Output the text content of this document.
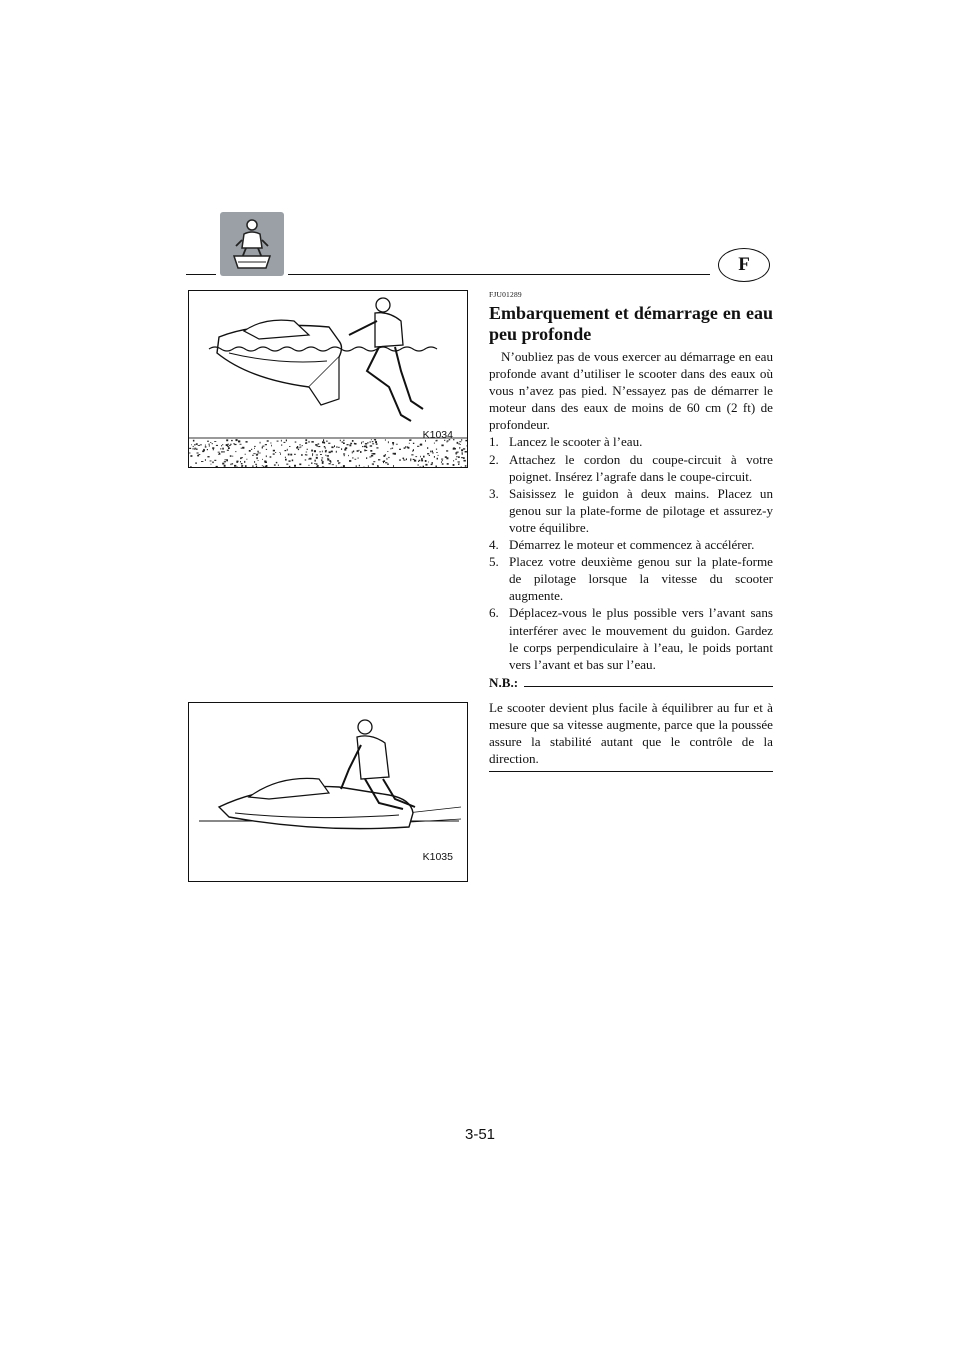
F
K1034
K1035

FJU01289

Embarquement et démarrage en eau peu profonde

N’oubliez pas de vous exercer au démarrage en eau profonde avant d’utiliser le scooter dans des eaux où vous n’avez pas pied. N’essayez pas de démarrer le moteur dans des eaux de moins de 60 cm (2 ft) de profondeur.

1. Lancez le scooter à l’eau.
2. Attachez le cordon du coupe-circuit à votre poignet. Insérez l’agrafe dans le coupe-circuit.
3. Saisissez le guidon à deux mains. Placez un genou sur la plate-forme de pilotage et assurez-y votre équilibre.
4. Démarrez le moteur et commencez à accélérer.
5. Placez votre deuxième genou sur la plate-forme de pilotage lorsque la vitesse du scooter augmente.
6. Déplacez-vous le plus possible vers l’avant sans interférer avec le mouvement du guidon. Gardez le corps perpendiculaire à l’eau, le poids portant vers l’avant et bas sur l’eau.
N.B.:

Le scooter devient plus facile à équilibrer au fur et à mesure que sa vitesse augmente, parce que la poussée assure la stabilité autant que le contrôle de la direction.

3-51
